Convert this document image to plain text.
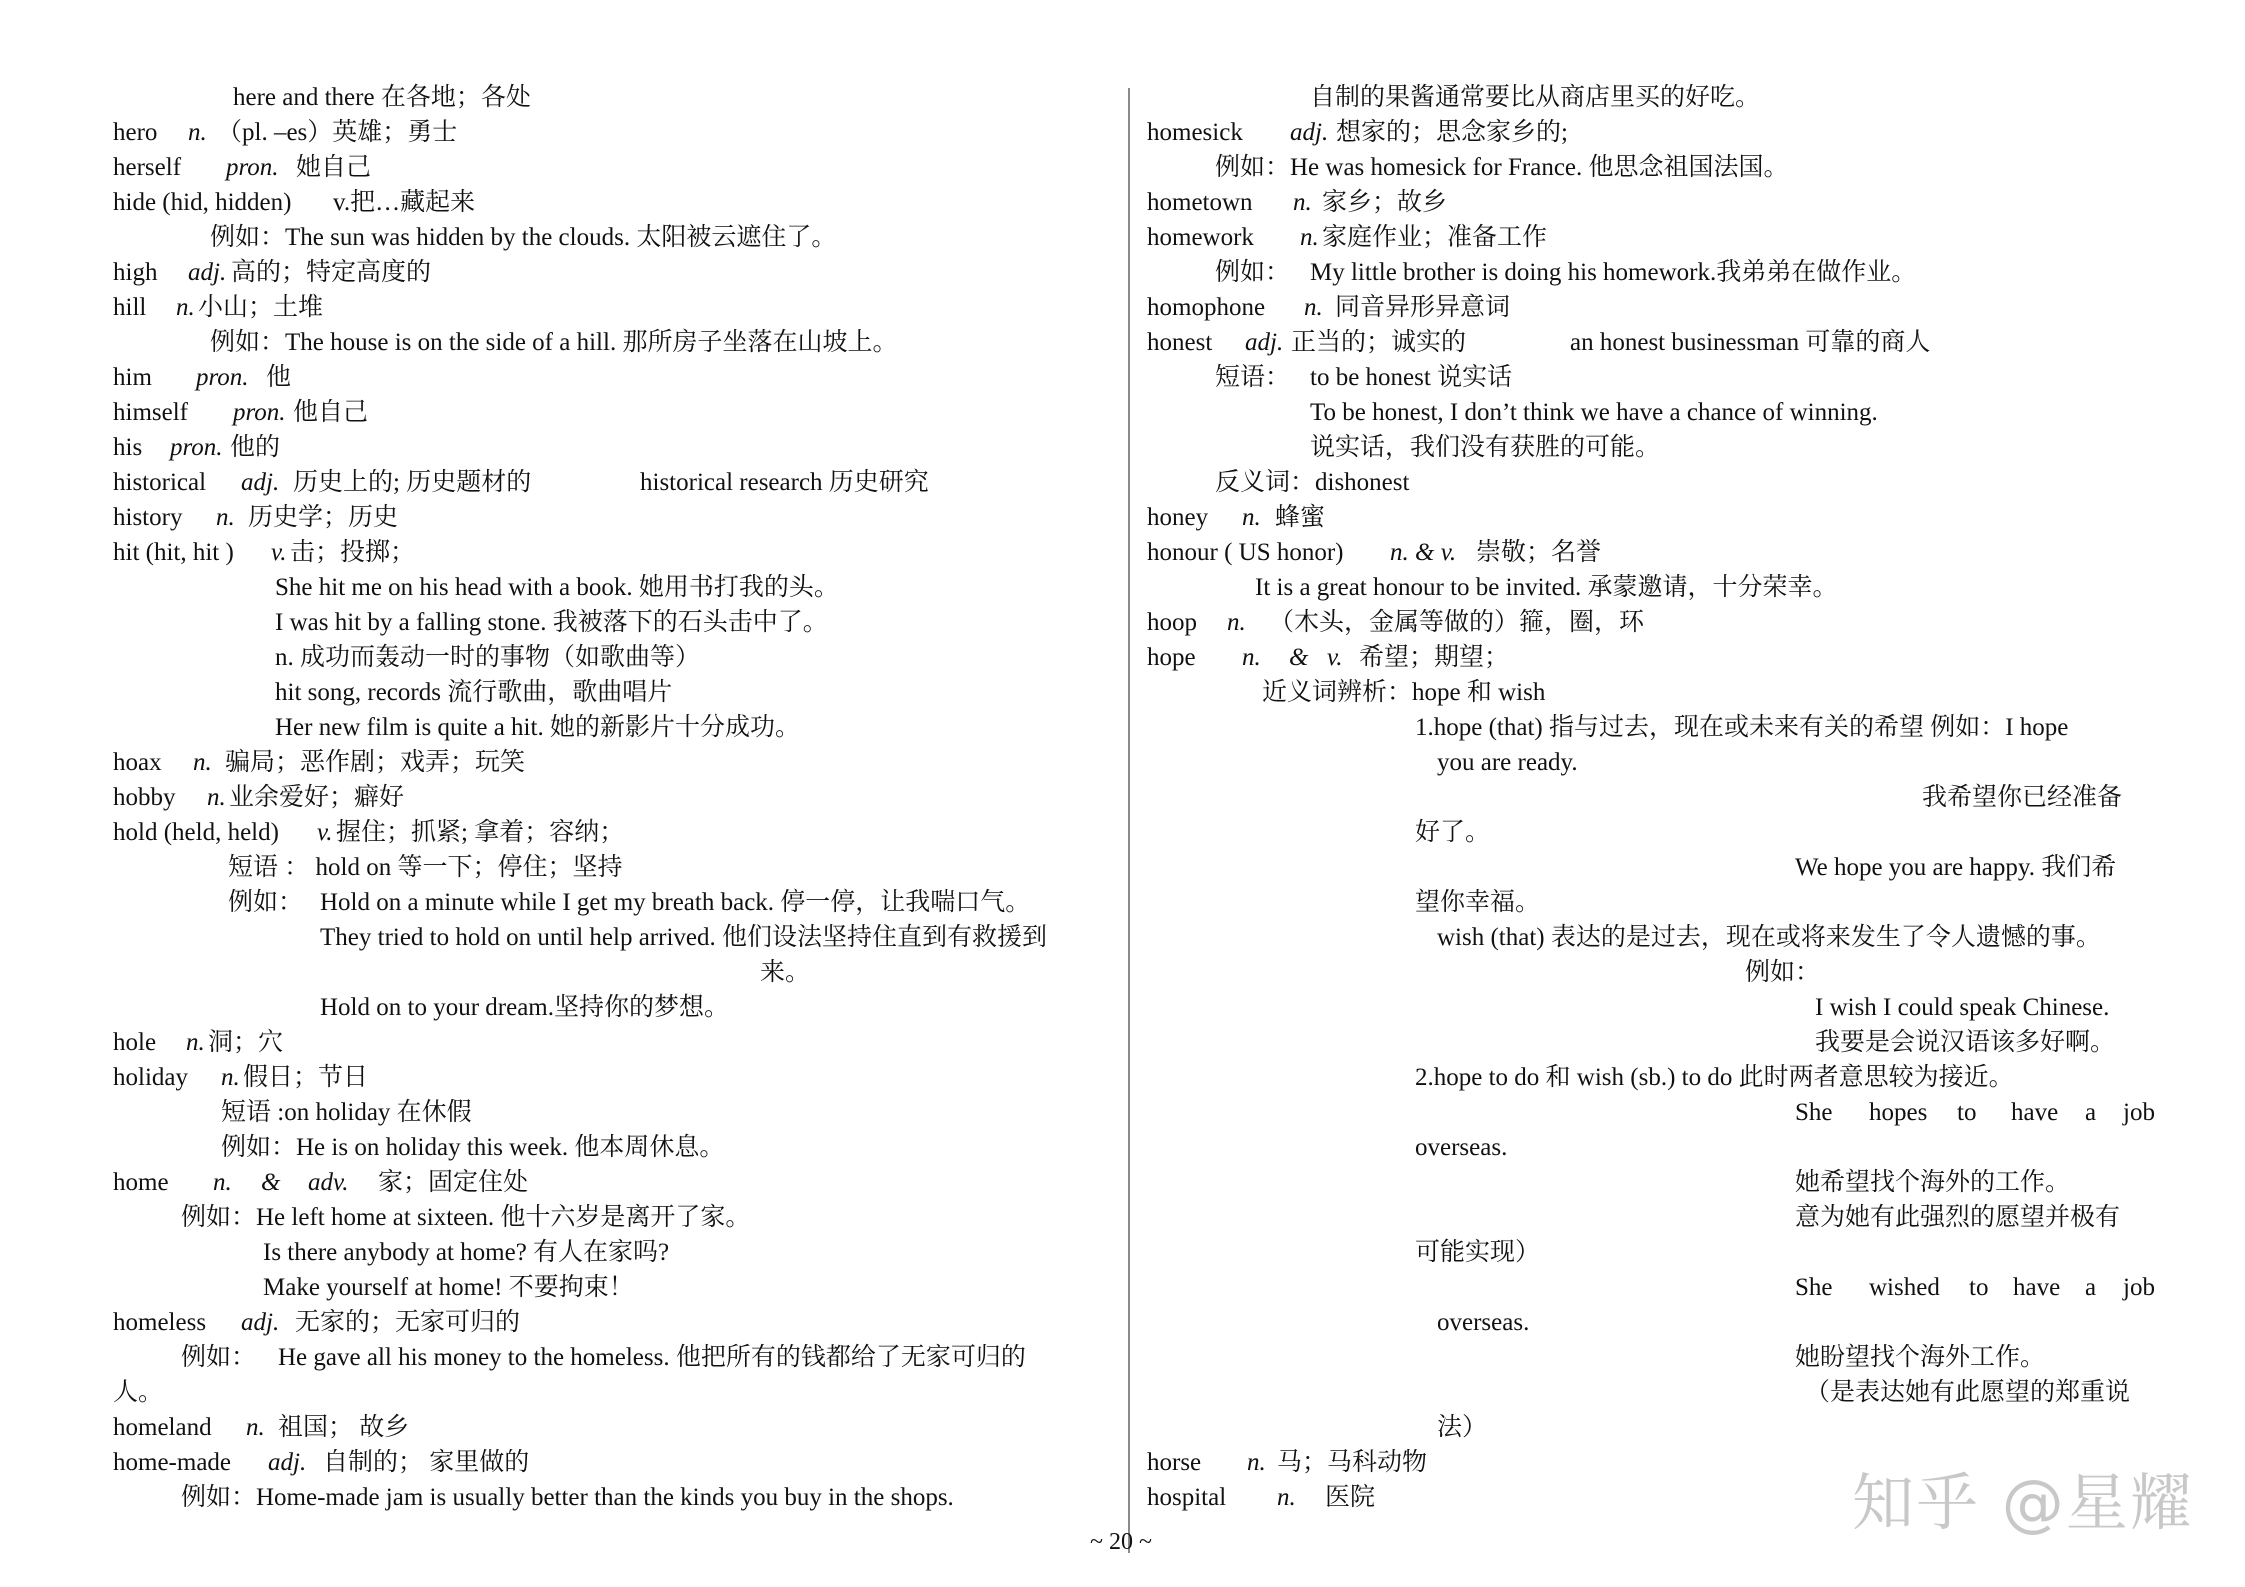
here and there 在各地；各处
hero n. （pl. –es）英雄；勇士
herself pron. 她自己
hide (hid, hidden) v.把…藏起来
例如：The sun was hidden by the clouds. 太阳被云遮住了。
high adj. 高的；特定高度的
hill n. 小山；土堆
例如：The house is on the side of a hill. 那所房子坐落在山坡上。
him pron. 他
himself pron. 他自己
his pron. 他的
historical adj. 历史上的; 历史题材的	historical research 历史研究
history n. 历史学；历史
hit (hit, hit ) v. 击；投掷；
She hit me on his head with a book. 她用书打我的头。
I was hit by a falling stone. 我被落下的石头击中了。
n. 成功而轰动一时的事物（如歌曲等）
hit song, records 流行歌曲，歌曲唱片
Her new film is quite a hit. 她的新影片十分成功。
hoax n. 骗局；恶作剧；戏弄；玩笑
hobby n. 业余爱好；癖好
hold (held, held) v. 握住；抓紧; 拿着；容纳；
短语 ： hold on 等一下；停住；坚持
例如： Hold on a minute while I get my breath back. 停一停，让我喘口气。
They tried to hold on until help arrived. 他们设法坚持住直到有救援到
来。
Hold on to your dream.坚持你的梦想。
hole n. 洞；穴
holiday n. 假日；节日
短语 :on holiday 在休假
例如：He is on holiday this week. 他本周休息。
home n. & adv. 家；固定住处
例如：He left home at sixteen. 他十六岁是离开了家。
Is there anybody at home? 有人在家吗?
Make yourself at home! 不要拘束！
homeless adj. 无家的；无家可归的
例如： He gave all his money to the homeless. 他把所有的钱都给了无家可归的
人。
homeland n. 祖国； 故乡
home-made adj. 自制的； 家里做的
例如：Home-made jam is usually better than the kinds you buy in the shops.
自制的果酱通常要比从商店里买的好吃。
homesick adj. 想家的；思念家乡的;
例如：He was homesick for France. 他思念祖国法国。
hometown n. 家乡；故乡
homework n. 家庭作业；准备工作
例如： My little brother is doing his homework.我弟弟在做作业。
homophone n. 同音异形异意词
honest adj. 正当的；诚实的	an honest businessman 可靠的商人
短语： to be honest 说实话
To be honest, I don’t think we have a chance of winning.
说实话，我们没有获胜的可能。
反义词：dishonest
honey n. 蜂蜜
honour ( US honor) n. & v. 崇敬；名誉
It is a great honour to be invited. 承蒙邀请，十分荣幸。
hoop n. （木头，金属等做的）箍，圈，环
hope n. & v. 希望；期望；
近义词辨析：hope 和 wish
1.hope (that) 指与过去，现在或未来有关的希望 例如：I hope
you are ready.
我希望你已经准备
好了。
We hope you are happy. 我们希
望你幸福。
wish (that) 表达的是过去，现在或将来发生了令人遗憾的事。
例如：
I wish I could speak Chinese.
我要是会说汉语该多好啊。
2.hope to do 和 wish (sb.) to do 此时两者意思较为接近。
She hopes to have a job
overseas.
她希望找个海外的工作。
意为她有此强烈的愿望并极有
可能实现）
She wished to have a job
overseas.
她盼望找个海外工作。
（是表达她有此愿望的郑重说
法）
horse n. 马；马科动物
hospital n. 医院
~ 20 ~
知乎 @星耀
